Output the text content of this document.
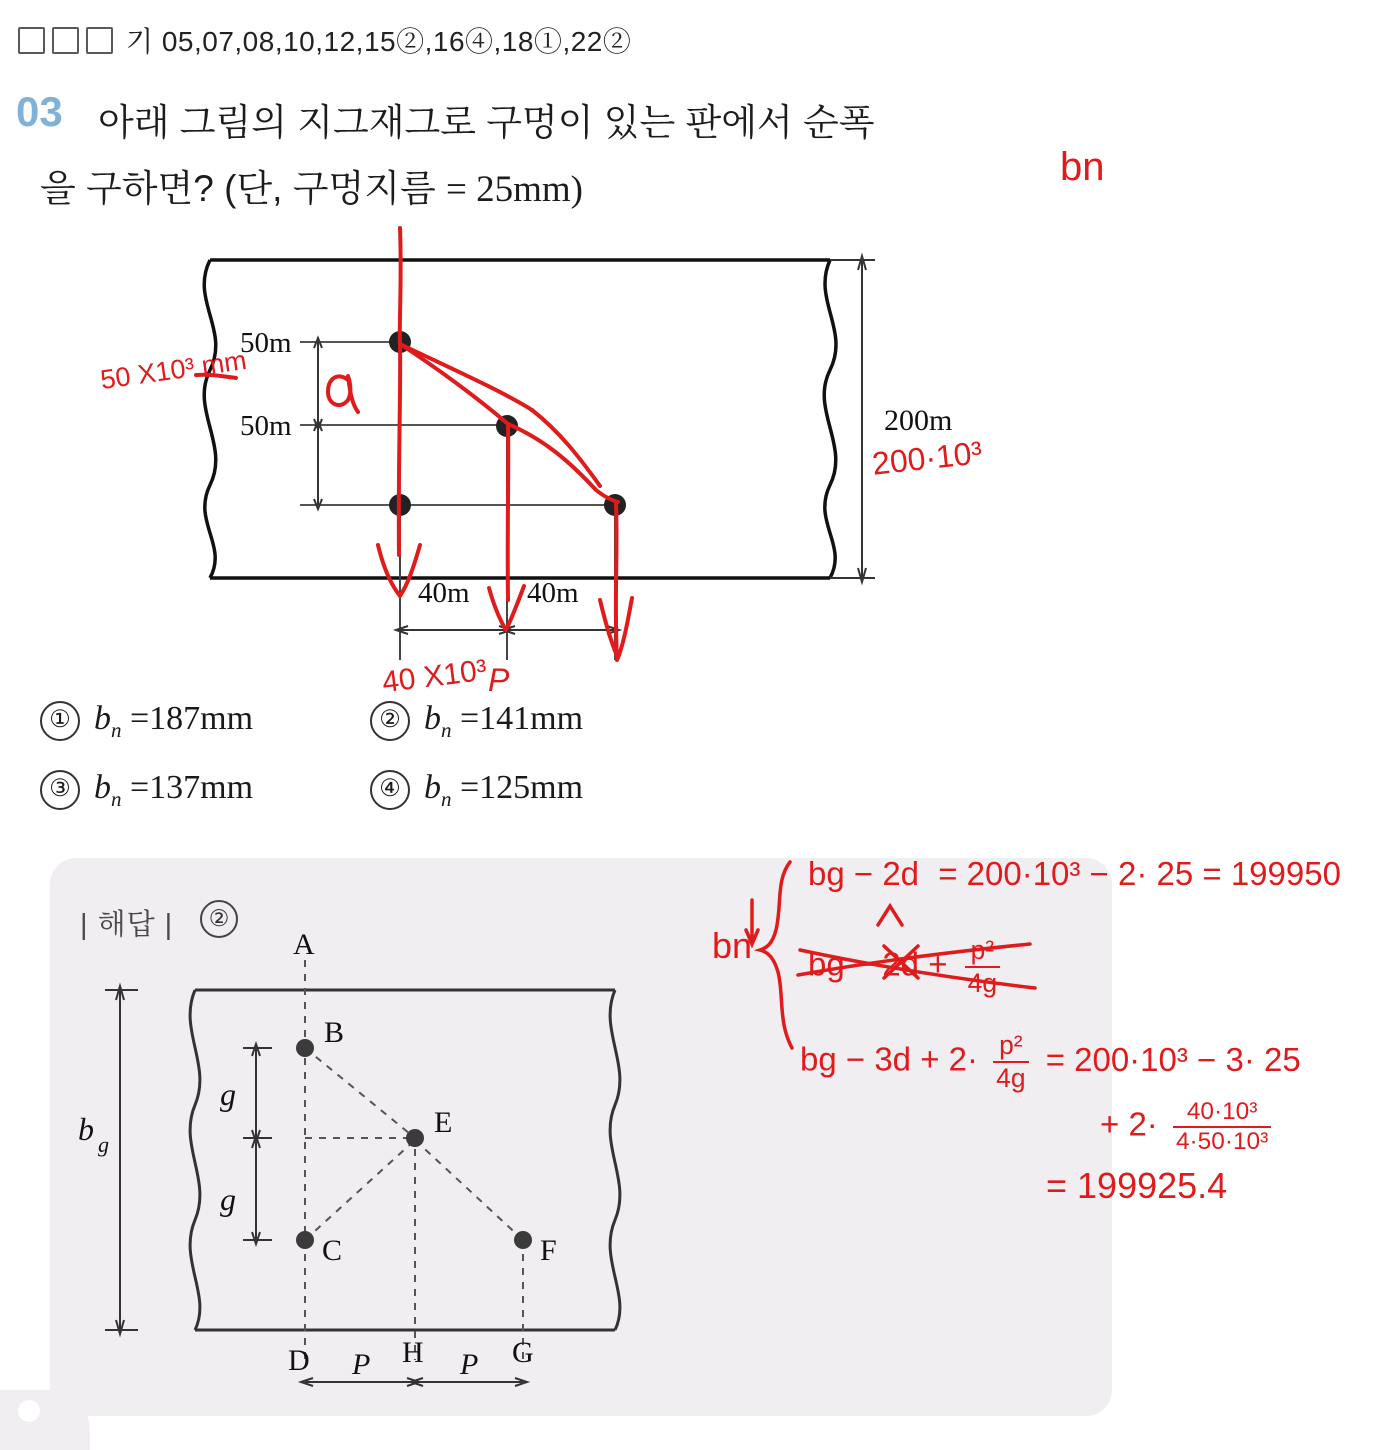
기 05,07,08,10,12,15②,16④,18①,22②
03 아래 그림의 지그재그로 구멍이 있는 판에서 순폭
을 구하면? (단, 구멍지름 = 25mm)
50m
50m	200m
40m 40m
① $b_n =187mm$	② $b_n =141mm$
③ $b_n =137mm$	④ $b_n =125mm$
| 해답 |	②
A
B
E
C	F
D	H	G
b g
g
g
P	P
bn
50 X10³ mm
200·10³
40 X10³ P
bn
bg − 2d = 200·10³ − 2· 25 = 199950
bg − $2d + \frac{\text{p²}}{4g}$
bg − $3d + 2\cdot \frac{\text{p²}}{4g} = 200\cdot 10^3 - 3\cdot 25$
+ $2\cdot \frac{\text{40·10³}}{\text{4·50·10³}}$
= 199925.4
